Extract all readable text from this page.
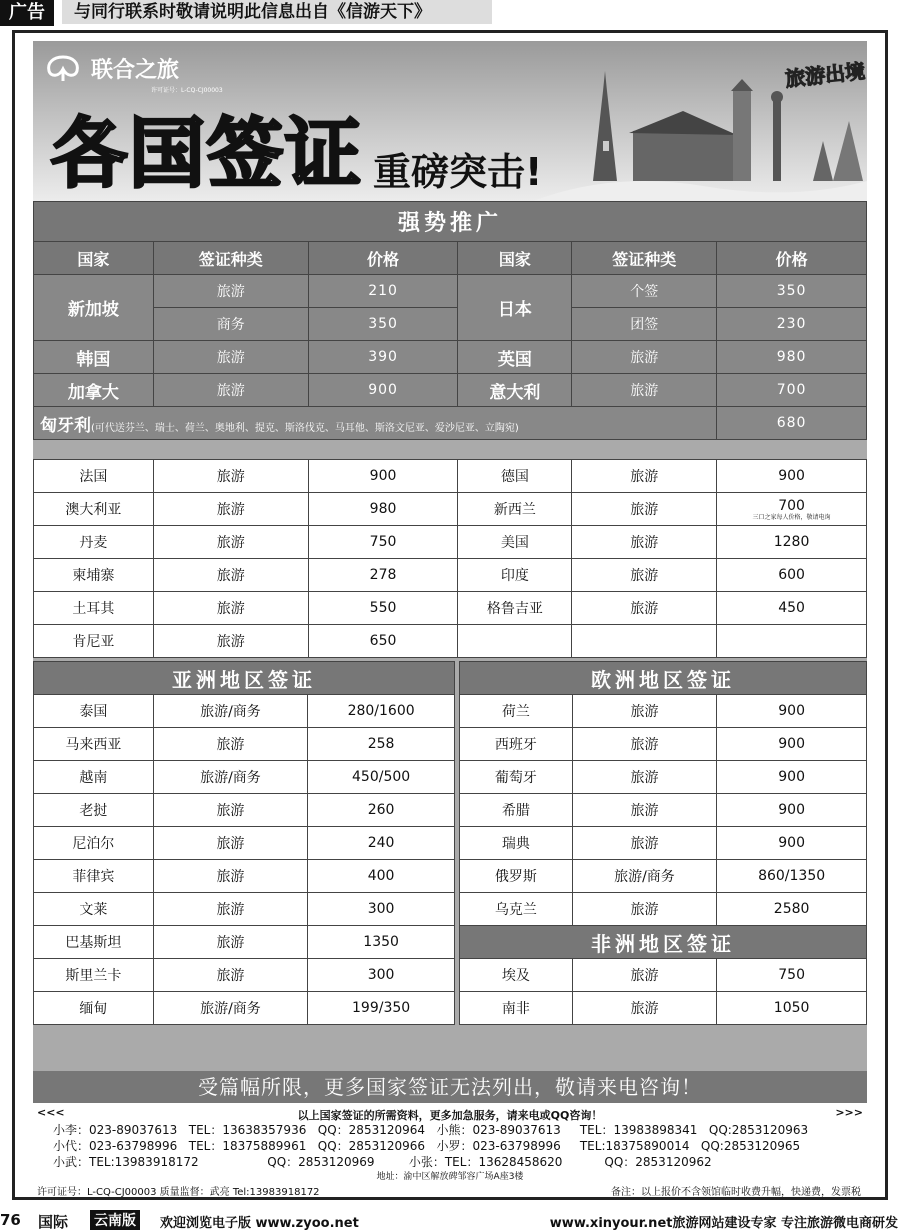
广告	与同行联系时敬请说明此信息出自《信游天下》
联合之旅
许可证号：L-CQ-CJ00003	旅游出境
各国签证 重磅突击!
强势推广					
国家	签证种类	价格	国家	签证种类	价格
新加坡	旅游	210	日本	个签	350
	商务	350		团签	230
韩国	旅游	390	英国	旅游	980
加拿大	旅游	900	意大利	旅游	700
匈牙利(可代送芬兰、瑞士、荷兰、奥地利、提克、斯洛伐克、马耳他、斯洛文尼亚、爱沙尼亚、立陶宛)					680
法国	旅游	900	德国	旅游	900
澳大利亚	旅游	980	新西兰	旅游	700
三口之家每人价格，敬请电询

丹麦	旅游	750	美国	旅游	1280
柬埔寨	旅游	278	印度	旅游	600
土耳其	旅游	550	格鲁吉亚	旅游	450
肯尼亚	旅游	650			
亚洲地区签证		
泰国	旅游/商务	280/1600
马来西亚	旅游	258
越南	旅游/商务	450/500
老挝	旅游	260
尼泊尔	旅游	240
菲律宾	旅游	400
文莱	旅游	300
巴基斯坦	旅游	1350
斯里兰卡	旅游	300
缅甸	旅游/商务	199/350
欧洲地区签证		
荷兰	旅游	900
西班牙	旅游	900
葡萄牙	旅游	900
希腊	旅游	900
瑞典	旅游	900
俄罗斯	旅游/商务	860/1350
乌克兰	旅游	2580
非洲地区签证		
埃及	旅游	750
南非	旅游	1050
受篇幅所限，更多国家签证无法列出，敬请来电咨询！
<<<	以上国家签证的所需资料，更多加急服务，请来电或QQ咨询！	>>>
小李：023-89037613   TEL：13638357936   QQ：2853120964   小熊：023-89037613     TEL：13983898341   QQ:2853120963
小代：023-63798996   TEL：18375889961   QQ：2853120966   小罗：023-63798996     TEL:18375890014   QQ:2853120965
小武：TEL:13983918172                  QQ：2853120969         小张：TEL：13628458620           QQ：2853120962
地址：渝中区解放碑邹容广场A座3楼
许可证号：L-CQ-CJ00003 质量监督：武亮 Tel:13983918172	备注：以上报价不含领馆临时收费升幅，快递费，发票税
76 国际 云南版	欢迎浏览电子版 www.zyoo.net	www.xinyour.net旅游网站建设专家 专注旅游微电商研发
